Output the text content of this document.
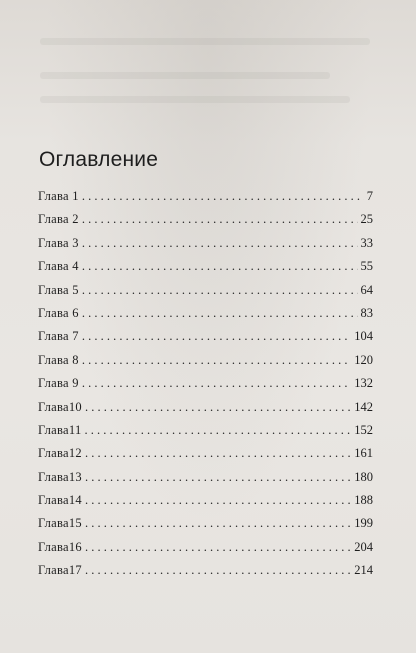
Оглавление
Глава 1 . . .	7
Глава 2 . . .	25
Глава 3 . . .	33
Глава 4 . . .	55
Глава 5 . . .	64
Глава 6 . . .	83
Глава 7 . . .	104
Глава 8 . . .	120
Глава 9 . . .	132
Глава10 . . .	142
Глава11 . . .	152
Глава12 . . .	161
Глава13 . . .	180
Глава14 . . .	188
Глава15 . . .	199
Глава16 . . .	204
Глава17 . . .	214
